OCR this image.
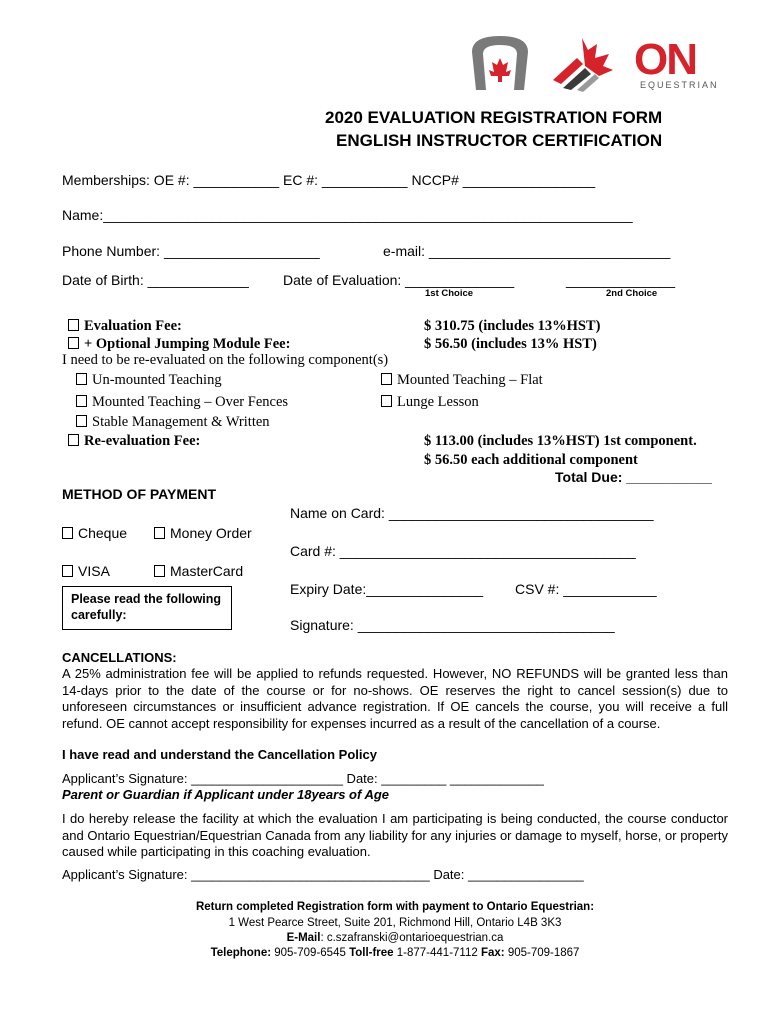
ON
EQUESTRIAN
2020 EVALUATION REGISTRATION FORM
ENGLISH INSTRUCTOR CERTIFICATION
Memberships: OE #: ___________ EC #: ___________ NCCP# _________________
Name:____________________________________________________________________
Phone Number: ____________________	e-mail: _______________________________
Date of Birth: _____________ Date of Evaluation: ______________	______________
1st Choice	2nd Choice
Evaluation Fee:	$ 310.75 (includes 13%HST)
+ Optional Jumping Module Fee:	$ 56.50 (includes 13% HST)
I need to be re-evaluated on the following component(s)
Un-mounted Teaching	Mounted Teaching – Flat
Mounted Teaching – Over Fences	Lunge Lesson
Stable Management & Written
Re-evaluation Fee:	$ 113.00 (includes 13%HST) 1st component.
$ 56.50 each additional component
Total Due: ___________
METHOD OF PAYMENT
Cheque	Money Order
VISA	MasterCard
Please read the following carefully:
Name on Card: __________________________________
Card #: ______________________________________
Expiry Date:_______________ CSV #: ____________
Signature: _________________________________
CANCELLATIONS:
A 25% administration fee will be applied to refunds requested. However, NO REFUNDS will be granted less than 14-days prior to the date of the course or for no-shows. OE reserves the right to cancel session(s) due to unforeseen circumstances or insufficient advance registration. If OE cancels the course, you will receive a full refund. OE cannot accept responsibility for expenses incurred as a result of the cancellation of a course.
I have read and understand the Cancellation Policy
Applicant’s Signature: _____________________ Date: _________ _____________
Parent or Guardian if Applicant under 18years of Age
I do hereby release the facility at which the evaluation I am participating is being conducted, the course conductor and Ontario Equestrian/Equestrian Canada from any liability for any injuries or damage to myself, horse, or property caused while participating in this coaching evaluation.
Applicant’s Signature: _________________________________ Date: ________________
Return completed Registration form with payment to Ontario Equestrian:
1 West Pearce Street, Suite 201, Richmond Hill, Ontario L4B 3K3
E-Mail: c.szafranski@ontarioequestrian.ca
Telephone: 905-709-6545 Toll-free 1-877-441-7112 Fax: 905-709-1867
